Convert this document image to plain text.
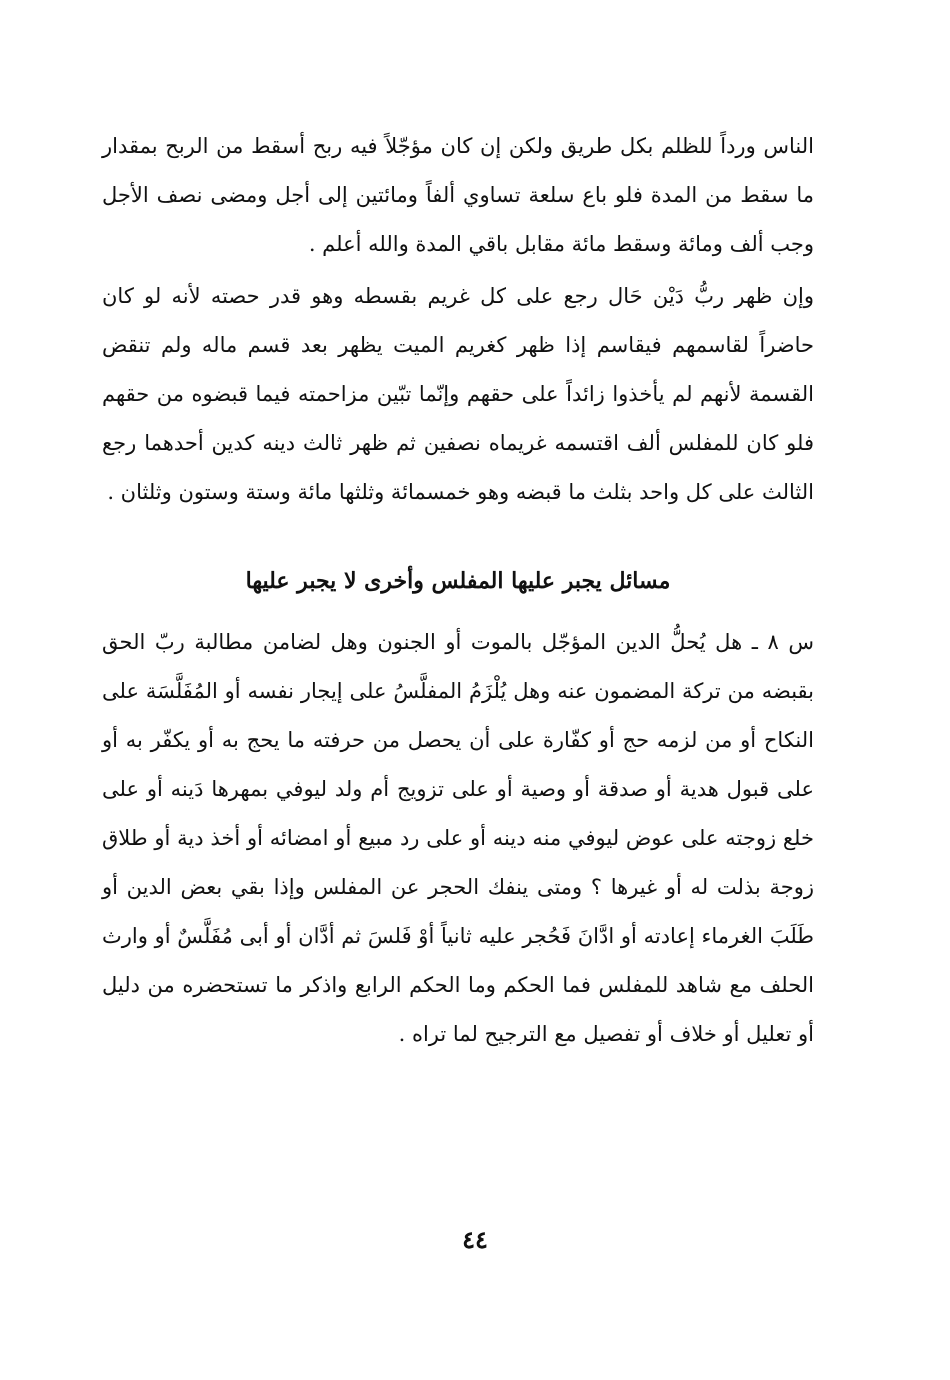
الناس ورداً للظلم بكل طريق ولكن إن كان مؤجّلاً فيه ربح أسقط من الربح بمقدار ما سقط من المدة فلو باع سلعة تساوي ألفاً ومائتين إلى أجل ومضى نصف الأجل وجب ألف ومائة وسقط مائة مقابل باقي المدة والله أعلم .

وإن ظهر ربُّ دَيْن حَال رجع على كل غريم بقسطه وهو قدر حصته لأنه لو كان حاضراً لقاسمهم فيقاسم إذا ظهر كغريم الميت يظهر بعد قسم ماله ولم تنقض القسمة لأنهم لم يأخذوا زائداً على حقهم وإنّما تبّين مزاحمته فيما قبضوه من حقهم فلو كان للمفلس ألف اقتسمه غريماه نصفين ثم ظهر ثالث دينه كدين أحدهما رجع الثالث على كل واحد بثلث ما قبضه وهو خمسمائة وثلثها مائة وستة وستون وثلثان .

مسائل يجبر عليها المفلس وأخرى لا يجبر عليها

س ٨ ـ هل يُحلُّ الدين المؤجّل بالموت أو الجنون وهل لضامن مطالبة ربّ الحق بقبضه من تركة المضمون عنه وهل يُلْزَمُ المفلَّسُ على إيجار نفسه أو المُفَلَّسَة على النكاح أو من لزمه حج أو كفّارة على أن يحصل من حرفته ما يحج به أو يكفّر به أو على قبول هدية أو صدقة أو وصية أو على تزويج أم ولد ليوفي بمهرها دَينه أو على خلع زوجته على عوض ليوفي منه دينه أو على رد مبيع أو امضائه أو أخذ دية أو طلاق زوجة بذلت له أو غيرها ؟ ومتى ينفك الحجر عن المفلس وإذا بقي بعض الدين أو طَلَبَ الغرماء إعادته أو ادَّانَ فَحُجر عليه ثانياً أوْ فَلسَ ثم أدَّان أو أبى مُفَلَّسٌ أو وارث الحلف مع شاهد للمفلس فما الحكم وما الحكم الرابع واذكر ما تستحضره من دليل أو تعليل أو خلاف أو تفصيل مع الترجيح لما تراه .

٤٤
